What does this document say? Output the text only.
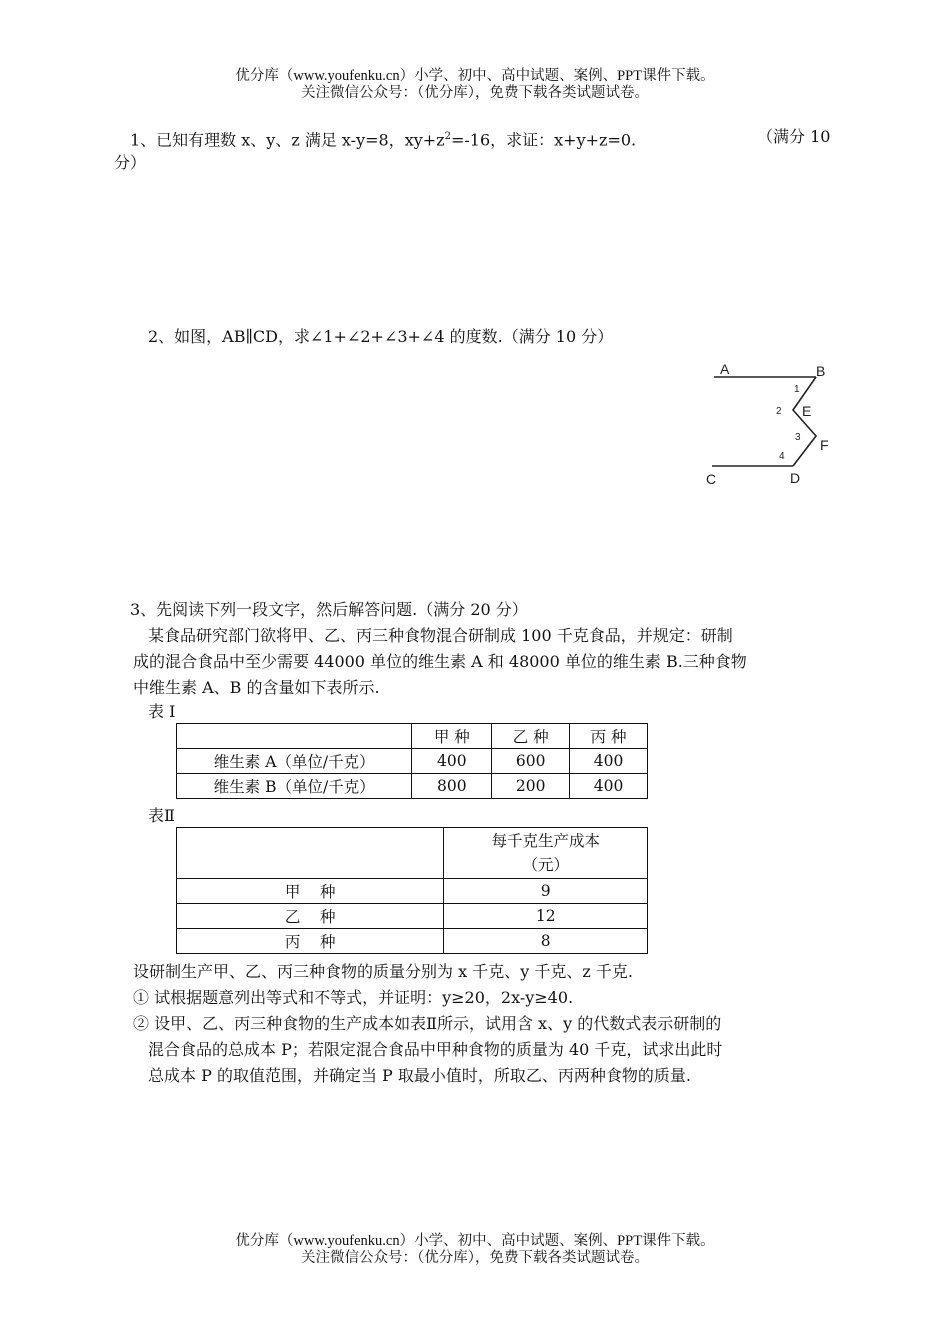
优分库（www.youfenku.cn）小学、初中、高中试题、案例、PPT课件下载。
关注微信公众号：（优分库），免费下载各类试题试卷。
1、已知有理数 x、y、z 满足 x-y=8，$xy+z^2=-16$，求证：x+y+z=0.	（满分 10
分）
2、如图，AB∥CD，求∠1+∠2+∠3+∠4 的度数.（满分 10 分）
A	B
C	D
E
F
1
2
3
4
3、先阅读下列一段文字，然后解答问题.（满分 20 分）
某食品研究部门欲将甲、乙、丙三种食物混合研制成 100 千克食品，并规定：研制
成的混合食品中至少需要 44000 单位的维生素 A 和 48000 单位的维生素 B.三种食物
中维生素 A、B 的含量如下表所示.
表 I
	甲 种	乙 种	丙 种
维生素 A（单位/千克）	400	600	400
维生素 B（单位/千克）	800	200	400
表Ⅱ

	每千克生产成本
（元）

甲    种	9
乙    种	12
丙    种	8
设研制生产甲、乙、丙三种食物的质量分别为 x 千克、y 千克、z 千克.
① 试根据题意列出等式和不等式，并证明：y≥20，2x-y≥40.
② 设甲、乙、丙三种食物的生产成本如表Ⅱ所示，试用含 x、y 的代数式表示研制的
混合食品的总成本 P；若限定混合食品中甲种食物的质量为 40 千克，试求出此时
总成本 P 的取值范围，并确定当 P 取最小值时，所取乙、丙两种食物的质量.
优分库（www.youfenku.cn）小学、初中、高中试题、案例、PPT课件下载。
关注微信公众号：（优分库），免费下载各类试题试卷。
